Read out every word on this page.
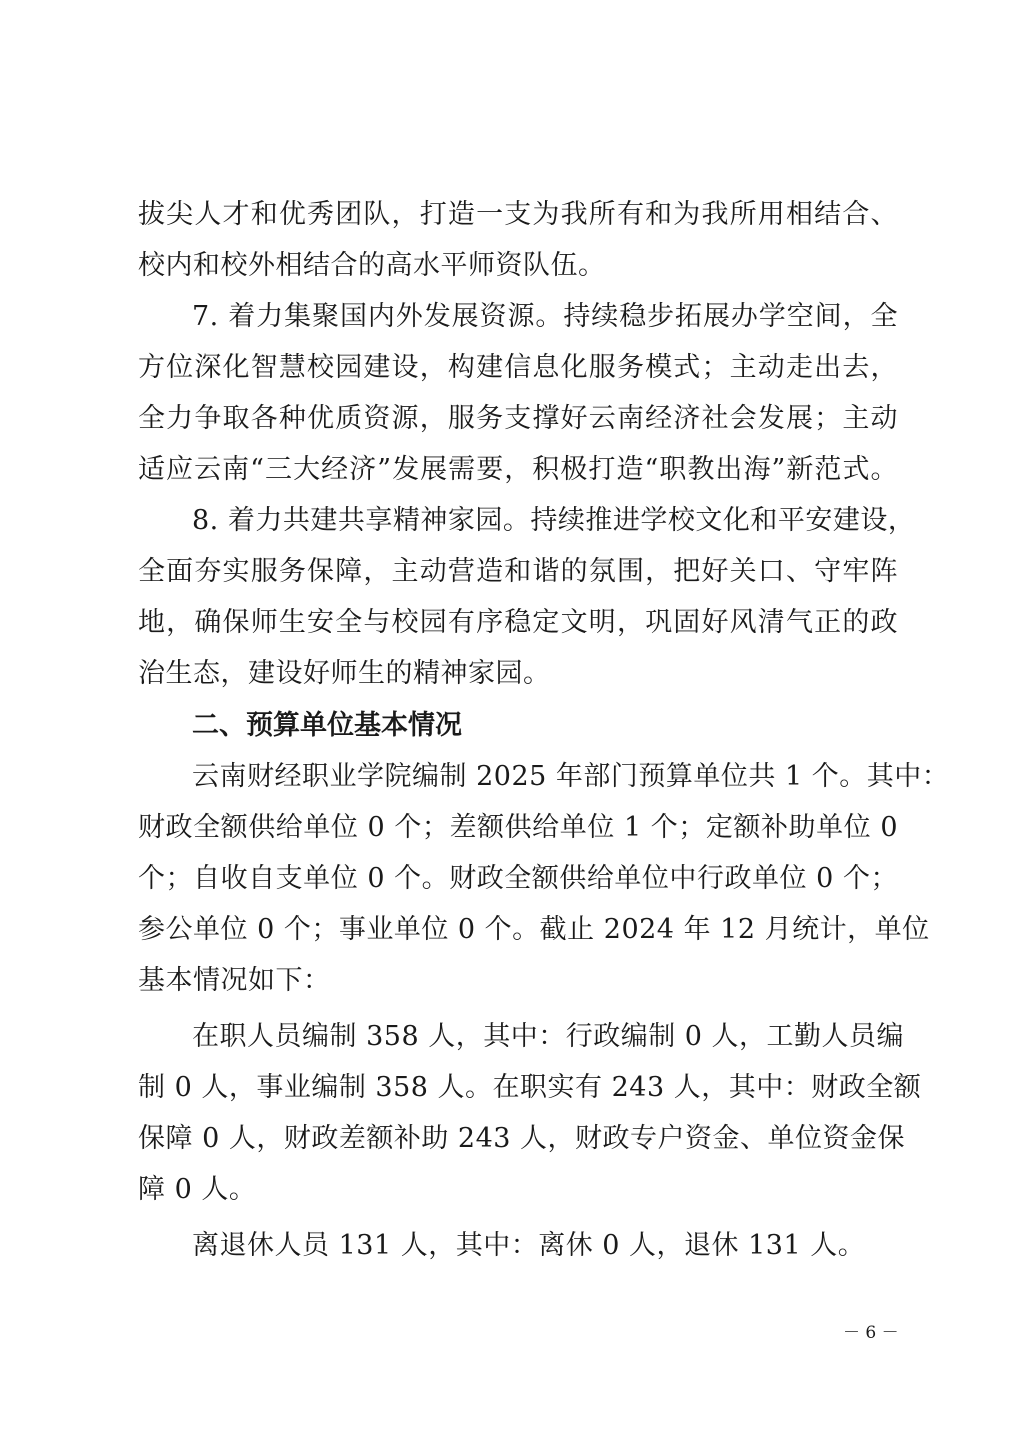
拔尖人才和优秀团队，打造一支为我所有和为我所用相结合、
校内和校外相结合的高水平师资队伍。
7. 着力集聚国内外发展资源。持续稳步拓展办学空间，全
方位深化智慧校园建设，构建信息化服务模式；主动走出去，
全力争取各种优质资源，服务支撑好云南经济社会发展；主动
适应云南“三大经济”发展需要，积极打造“职教出海”新范式。
8. 着力共建共享精神家园。持续推进学校文化和平安建设，
全面夯实服务保障，主动营造和谐的氛围，把好关口、守牢阵
地，确保师生安全与校园有序稳定文明，巩固好风清气正的政
治生态，建设好师生的精神家园。
二、预算单位基本情况
云南财经职业学院编制 2025 年部门预算单位共 1 个。其中：
财政全额供给单位 0 个；差额供给单位 1 个；定额补助单位 0
个；自收自支单位 0 个。财政全额供给单位中行政单位 0 个；
参公单位 0 个；事业单位 0 个。截止 2024 年 12 月统计，单位
基本情况如下：
在职人员编制 358 人，其中：行政编制 0 人，工勤人员编
制 0 人，事业编制 358 人。在职实有 243 人，其中：财政全额
保障 0 人，财政差额补助 243 人，财政专户资金、单位资金保
障 0 人。
离退休人员 131 人，其中：离休 0 人，退休 131 人。
－ 6 －
